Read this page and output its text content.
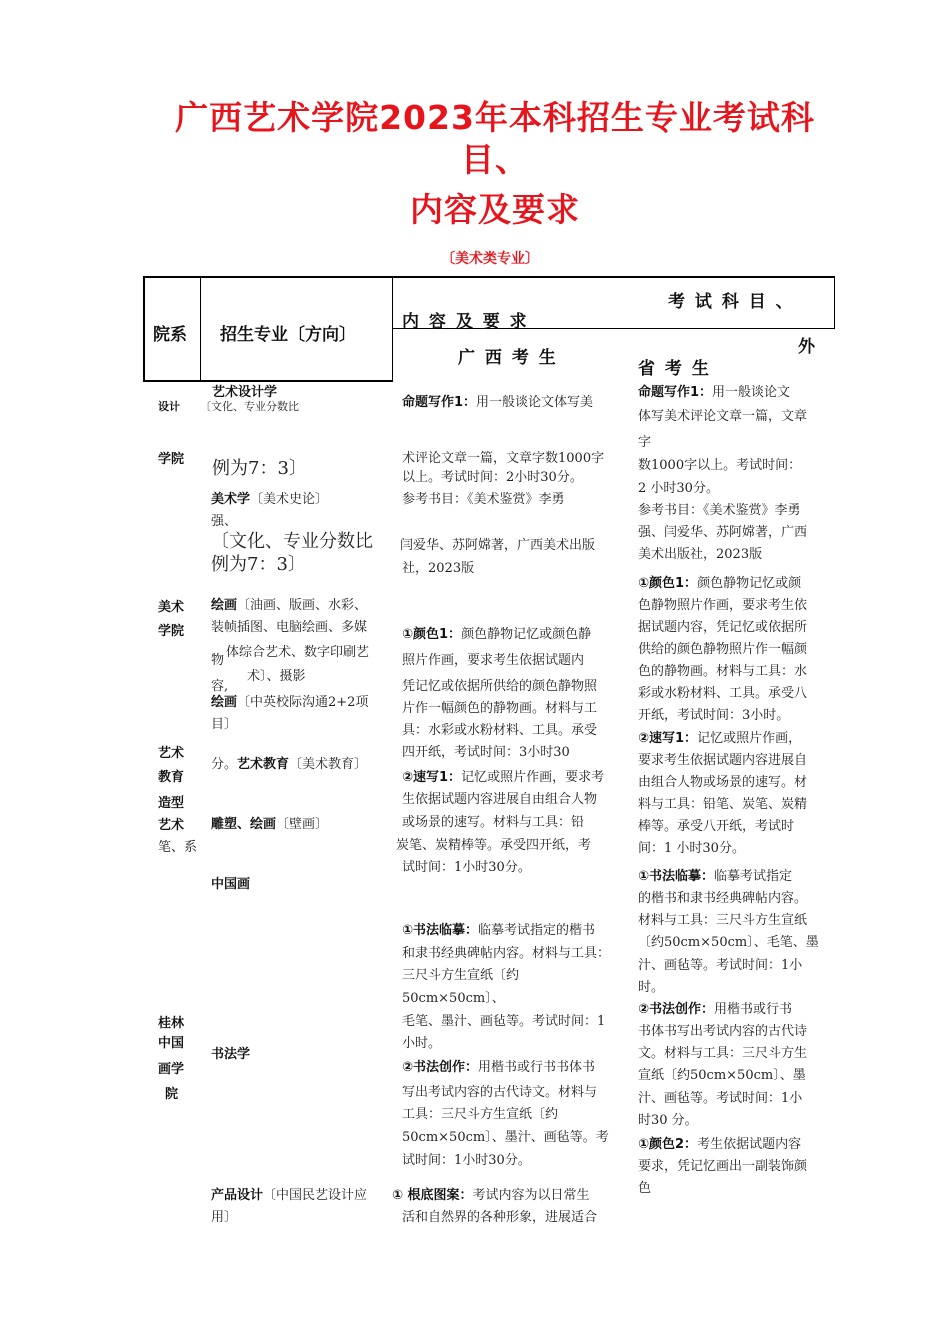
广西艺术学院2023年本科招生专业考试科
目、
内容及要求
〔美术类专业〕
院系 招生专业〔方向〕
考 试 科 目 、
内 容 及 要 求
广 西 考 生
外
省 考 生
设计
学院
美术
学院
艺术
教育
造型
艺术
笔、系
桂林
中国
画学
院
艺术设计学
〔文化、专业分数比
例为7：3〕
美术学〔美术史论〕
强、
〔文化、专业分数比
例为7：3〕
绘画〔油画、版画、水彩、
装帧插图、电脑绘画、多媒
物
体综合艺术、数字印刷艺
容,
术〕、摄影
绘画〔中英校际沟通2+2项
目〕
分。艺术教育〔美术教育〕
雕塑、绘画〔壁画〕
中国画
书法学
产品设计〔中国民艺设计应
用〕
命题写作1：用一般谈论文体写美
术评论文章一篇，文章字数1000字
以上。考试时间：2小时30分。
参考书目：《美术鉴赏》李勇
闫爱华、苏阿嫦著，广西美术出版
社，2023版
①颜色1：颜色静物记忆或颜色静
照片作画，要求考生依据试题内
凭记忆或依据所供给的颜色静物照
片作一幅颜色的静物画。材料与工
具：水彩或水粉材料、工具。承受
四开纸，考试时间：3小时30
②速写1：记忆或照片作画，要求考
生依据试题内容进展自由组合人物
或场景的速写。材料与工具：铅
炭笔、炭精棒等。承受四开纸，考
试时间：1小时30分。
①书法临摹：临摹考试指定的楷书
和隶书经典碑帖内容。材料与工具：
三尺斗方生宣纸〔约
50cm×50cm〕、
毛笔、墨汁、画毡等。考试时间：1
小时。
②书法创作：用楷书或行书书体书
写出考试内容的古代诗文。材料与
工具：三尺斗方生宣纸〔约
50cm×50cm〕、墨汁、画毡等。考
试时间：1小时30分。
① 根底图案：考试内容为以日常生
活和自然界的各种形象，进展适合
命题写作1：用一般谈论文
体写美术评论文章一篇，文章
字
数1000字以上。考试时间：
2 小时30分。
参考书目：《美术鉴赏》李勇
强、闫爱华、苏阿嫦著，广西
美术出版社，2023版
①颜色1：颜色静物记忆或颜
色静物照片作画，要求考生依
据试题内容，凭记忆或依据所
供给的颜色静物照片作一幅颜
色的静物画。材料与工具：水
彩或水粉材料、工具。承受八
开纸，考试时间：3小时。
②速写1：记忆或照片作画，
要求考生依据试题内容进展自
由组合人物或场景的速写。材
料与工具：铅笔、炭笔、炭精
棒等。承受八开纸，考试时
间：1 小时30分。
①书法临摹：临摹考试指定
的楷书和隶书经典碑帖内容。
材料与工具：三尺斗方生宣纸
〔约50cm×50cm〕、毛笔、墨
汁、画毡等。考试时间：1小
时。
②书法创作：用楷书或行书
书体书写出考试内容的古代诗
文。材料与工具：三尺斗方生
宣纸〔约50cm×50cm〕、墨
汁、画毡等。考试时间：1小
时30 分。
①颜色2：考生依据试题内容
要求，凭记忆画出一副装饰颜
色
